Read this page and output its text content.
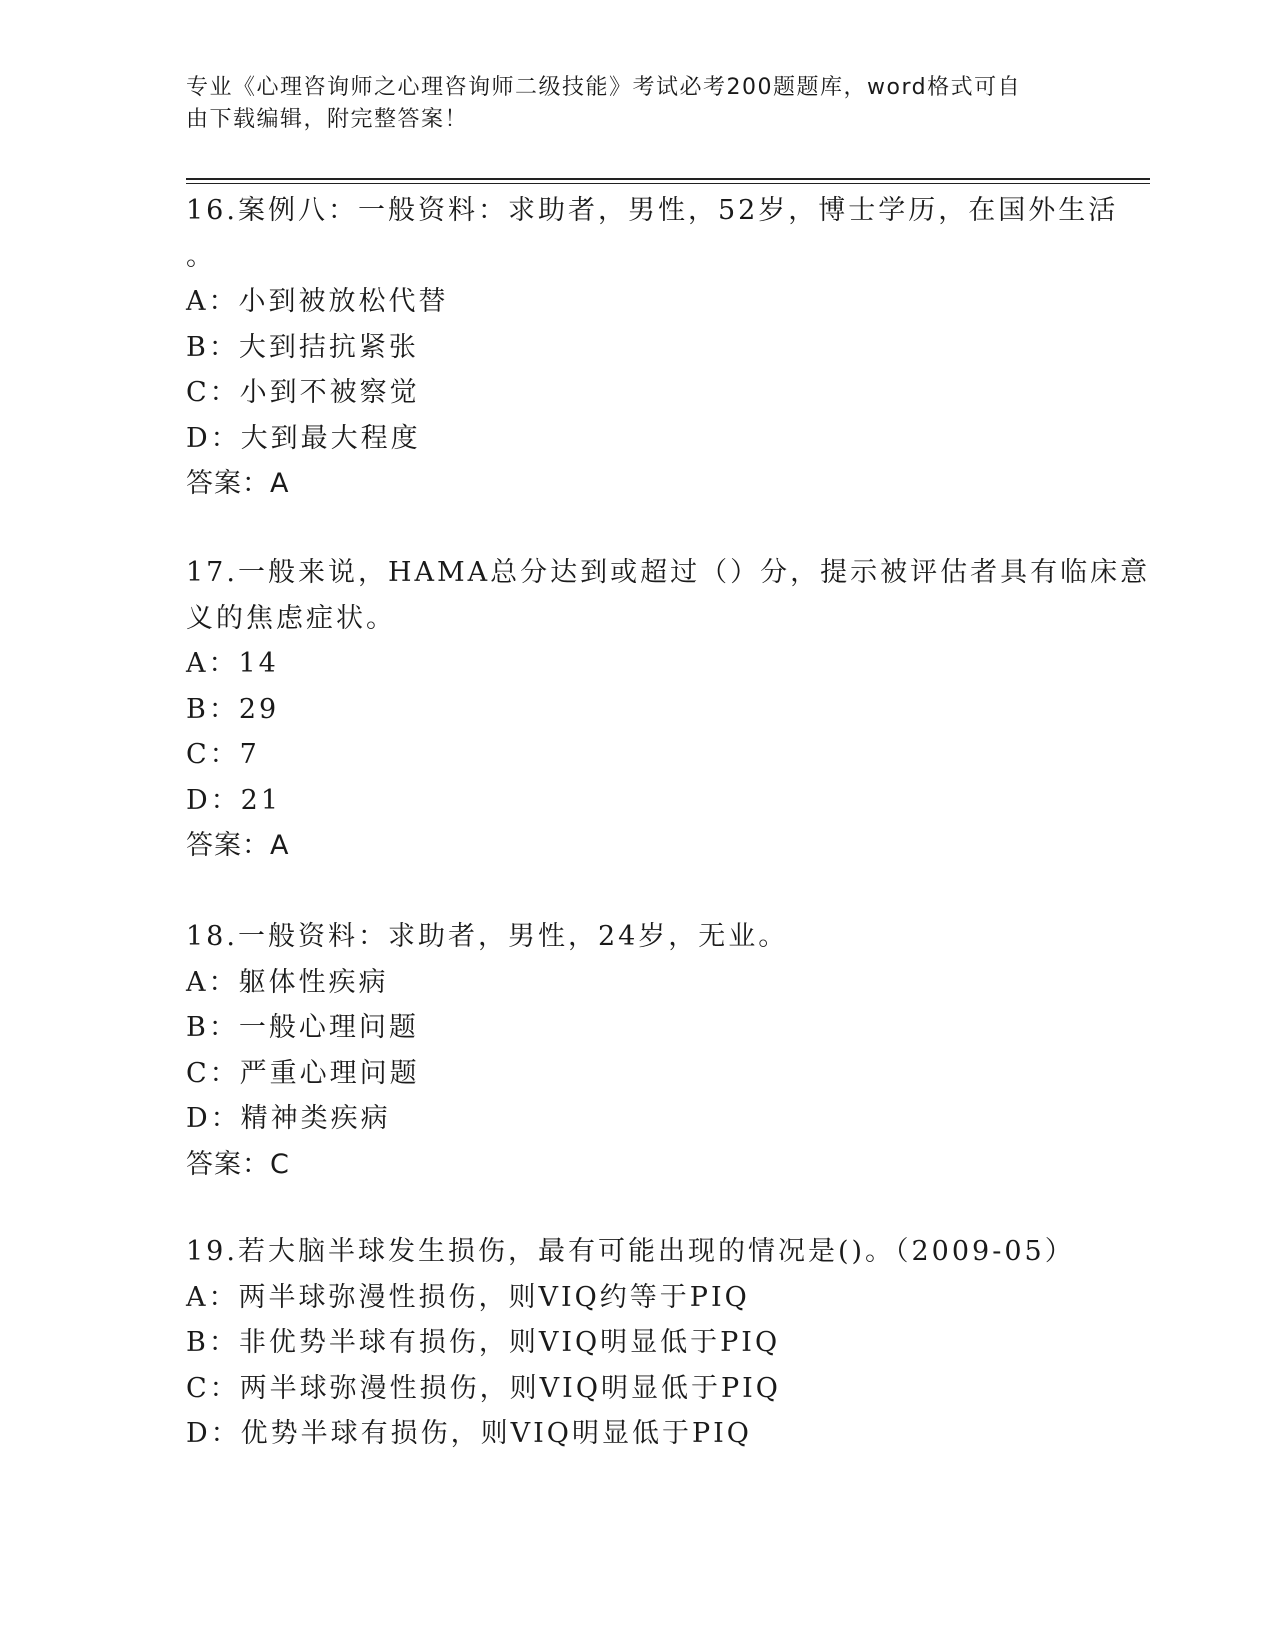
专业《心理咨询师之心理咨询师二级技能》考试必考200题题库，word格式可自
由下载编辑，附完整答案！
16.案例八：一般资料：求助者，男性，52岁，博士学历，在国外生活
。
A：小到被放松代替
B：大到拮抗紧张
C：小到不被察觉
D：大到最大程度
答案：A
17.一般来说，HAMA总分达到或超过（）分，提示被评估者具有临床意
义的焦虑症状。
A：14
B：29
C：7
D：21
答案：A
18.一般资料：求助者，男性，24岁，无业。
A：躯体性疾病
B：一般心理问题
C：严重心理问题
D：精神类疾病
答案：C
19.若大脑半球发生损伤，最有可能出现的情况是()。（2009-05）
A：两半球弥漫性损伤，则VIQ约等于PIQ
B：非优势半球有损伤，则VIQ明显低于PIQ
C：两半球弥漫性损伤，则VIQ明显低于PIQ
D：优势半球有损伤，则VIQ明显低于PIQ
